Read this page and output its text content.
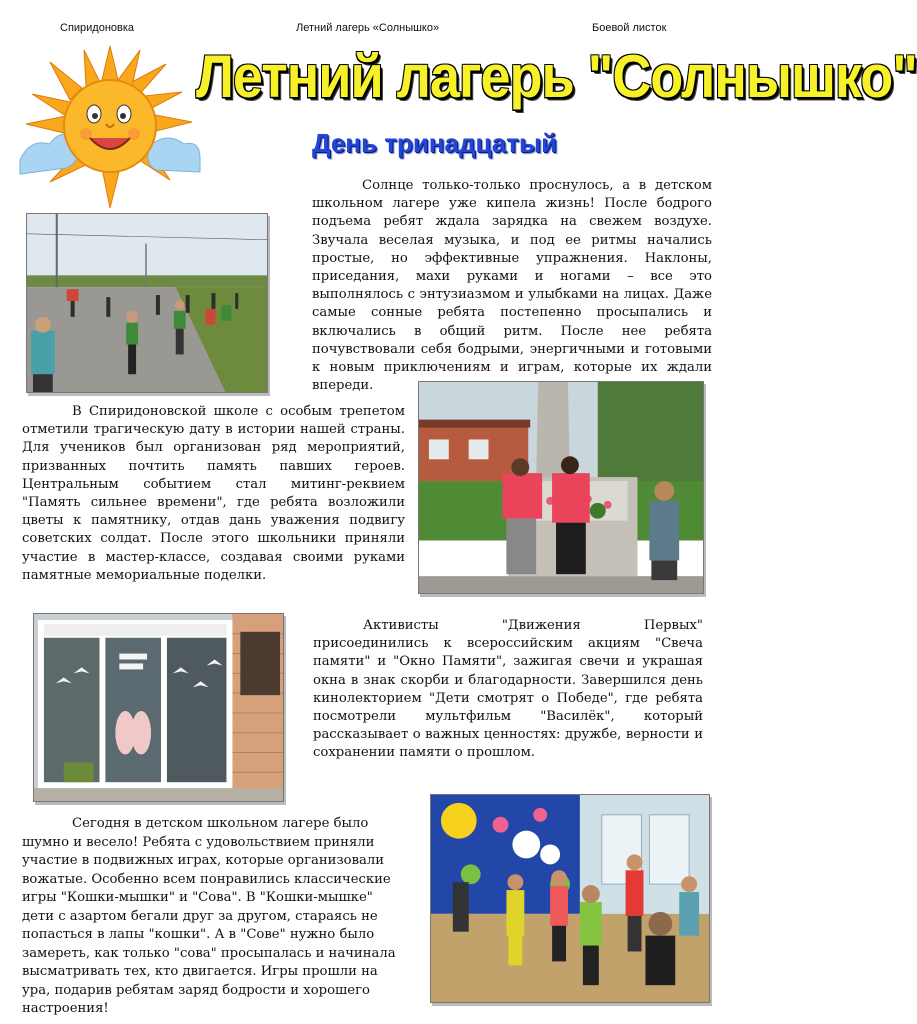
Спиридоновка	Летний лагерь «Солнышко»	Боевой листок
Летний лагерь "Солнышко"
День тринадцатый
Солнце только-только проснулось, а в детском школьном лагере уже кипела жизнь! После бодрого подъема ребят ждала зарядка на свежем воздухе. Звучала веселая музыка, и под ее ритмы начались простые, но эффективные упражнения. Наклоны, приседания, махи руками и ногами – все это выполнялось с энтузиазмом и улыбками на лицах. Даже самые сонные ребята постепенно просыпались и включались в общий ритм. После нее ребята почувствовали себя бодрыми, энергичными и готовыми к новым приключениям и играм, которые их ждали впереди.
В Спиридоновской школе с особым трепетом отметили трагическую дату в истории нашей страны. Для учеников был организован ряд мероприятий, призванных почтить память павших героев. Центральным событием стал митинг-реквием "Память сильнее времени", где ребята возложили цветы к памятнику, отдав дань уважения подвигу советских солдат. После этого школьники приняли участие в мастер-классе, создавая своими руками памятные мемориальные поделки.
Активисты "Движения Первых" присоединились к всероссийским акциям "Свеча памяти" и "Окно Памяти", зажигая свечи и украшая окна в знак скорби и благодарности. Завершился день кинолекторием "Дети смотрят о Победе", где ребята посмотрели мультфильм "Василёк", который рассказывает о важных ценностях: дружбе, верности и сохранении памяти о прошлом.
Сегодня в детском школьном лагере было шумно и весело! Ребята с удовольствием приняли участие в подвижных играх, которые организовали вожатые. Особенно всем понравились классические игры "Кошки-мышки" и "Сова". В "Кошки-мышке" дети с азартом бегали друг за другом, стараясь не попасться в лапы "кошки". А в "Сове" нужно было замереть, как только "сова" просыпалась и начинала высматривать тех, кто двигается. Игры прошли на ура, подарив ребятам заряд бодрости и хорошего настроения!
